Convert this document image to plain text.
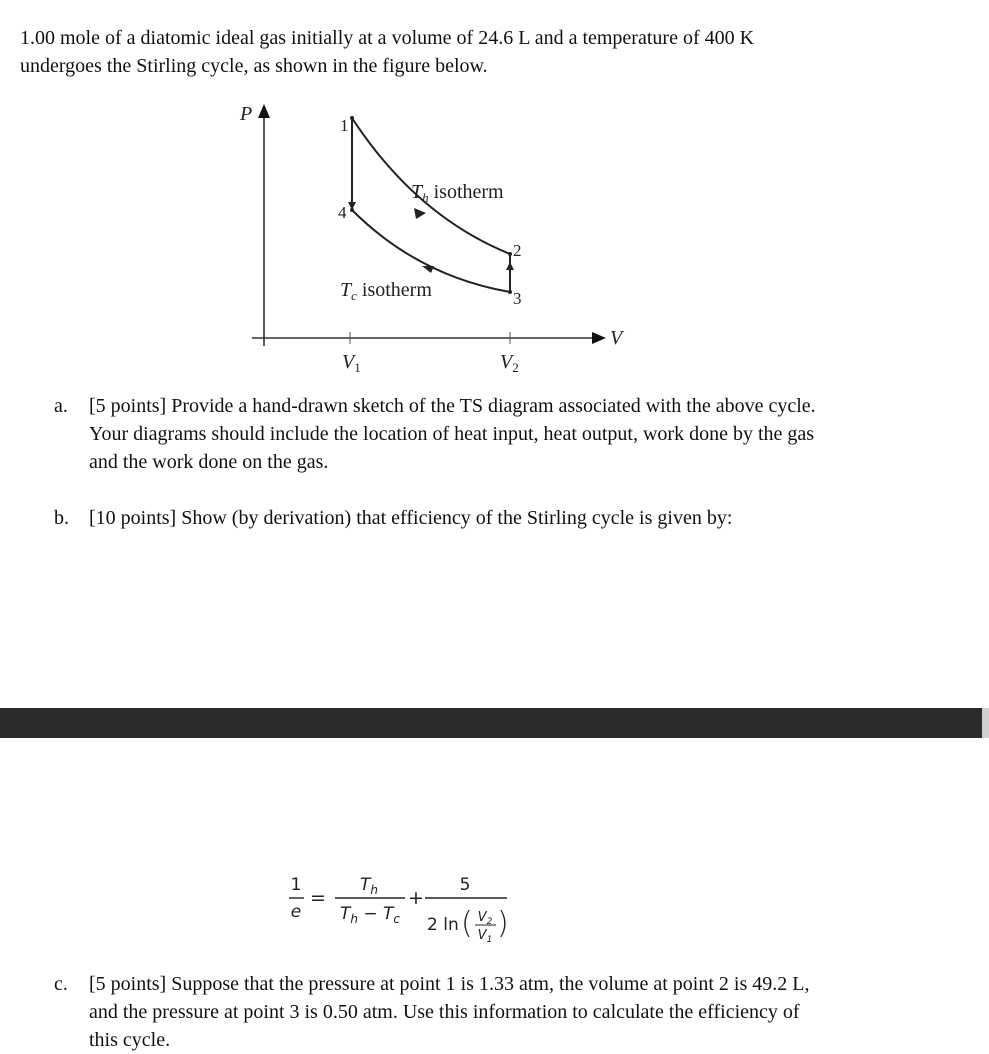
1.00 mole of a diatomic ideal gas initially at a volume of 24.6 L and a temperature of 400 K
undergoes the Stirling cycle, as shown in the figure below.
P
V
1
2
3
4
$T_h$ isotherm
$T_c$ isotherm
$V_1$	$V_2$
a. [5 points] Provide a hand-drawn sketch of the TS diagram associated with the above cycle.
Your diagrams should include the location of heat input, heat output, work done by the gas
and the work done on the gas.
b. [10 points] Show (by derivation) that efficiency of the Stirling cycle is given by:
1
e
=
$T_h$
$T_h - T_c$
+
5
2 ln ( $V_2$
$V_1$ )
c. [5 points] Suppose that the pressure at point 1 is 1.33 atm, the volume at point 2 is 49.2 L,
and the pressure at point 3 is 0.50 atm. Use this information to calculate the efficiency of
this cycle.
